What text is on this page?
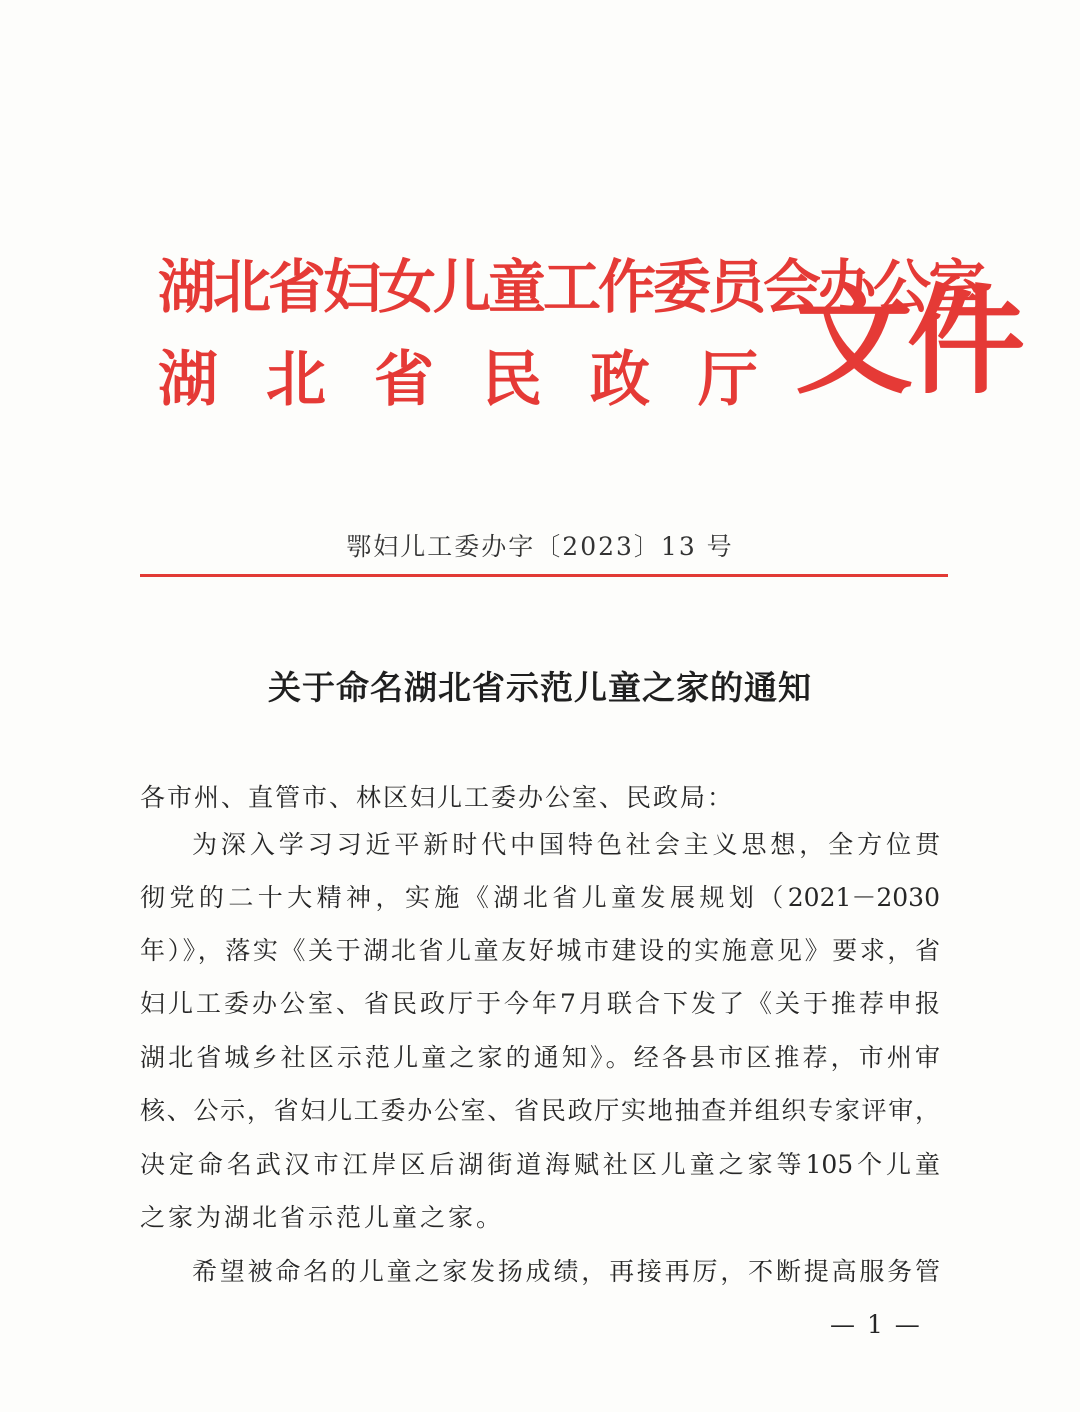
湖北省妇女儿童工作委员会办公室
湖 北 省 民 政 厅 文件
鄂妇儿工委办字〔2023〕13 号
关于命名湖北省示范儿童之家的通知
各市州、直管市、林区妇儿工委办公室、民政局：
为深入学习习近平新时代中国特色社会主义思想，全方位贯
彻党的二十大精神，实施《湖北省儿童发展规划（2021－2030
年）》，落实《关于湖北省儿童友好城市建设的实施意见》要求，省
妇儿工委办公室、省民政厅于今年7月联合下发了《关于推荐申报
湖北省城乡社区示范儿童之家的通知》。经各县市区推荐，市州审
核、公示，省妇儿工委办公室、省民政厅实地抽查并组织专家评审，
决定命名武汉市江岸区后湖街道海赋社区儿童之家等105个儿童
之家为湖北省示范儿童之家。
希望被命名的儿童之家发扬成绩，再接再厉，不断提高服务管
— 1 —
